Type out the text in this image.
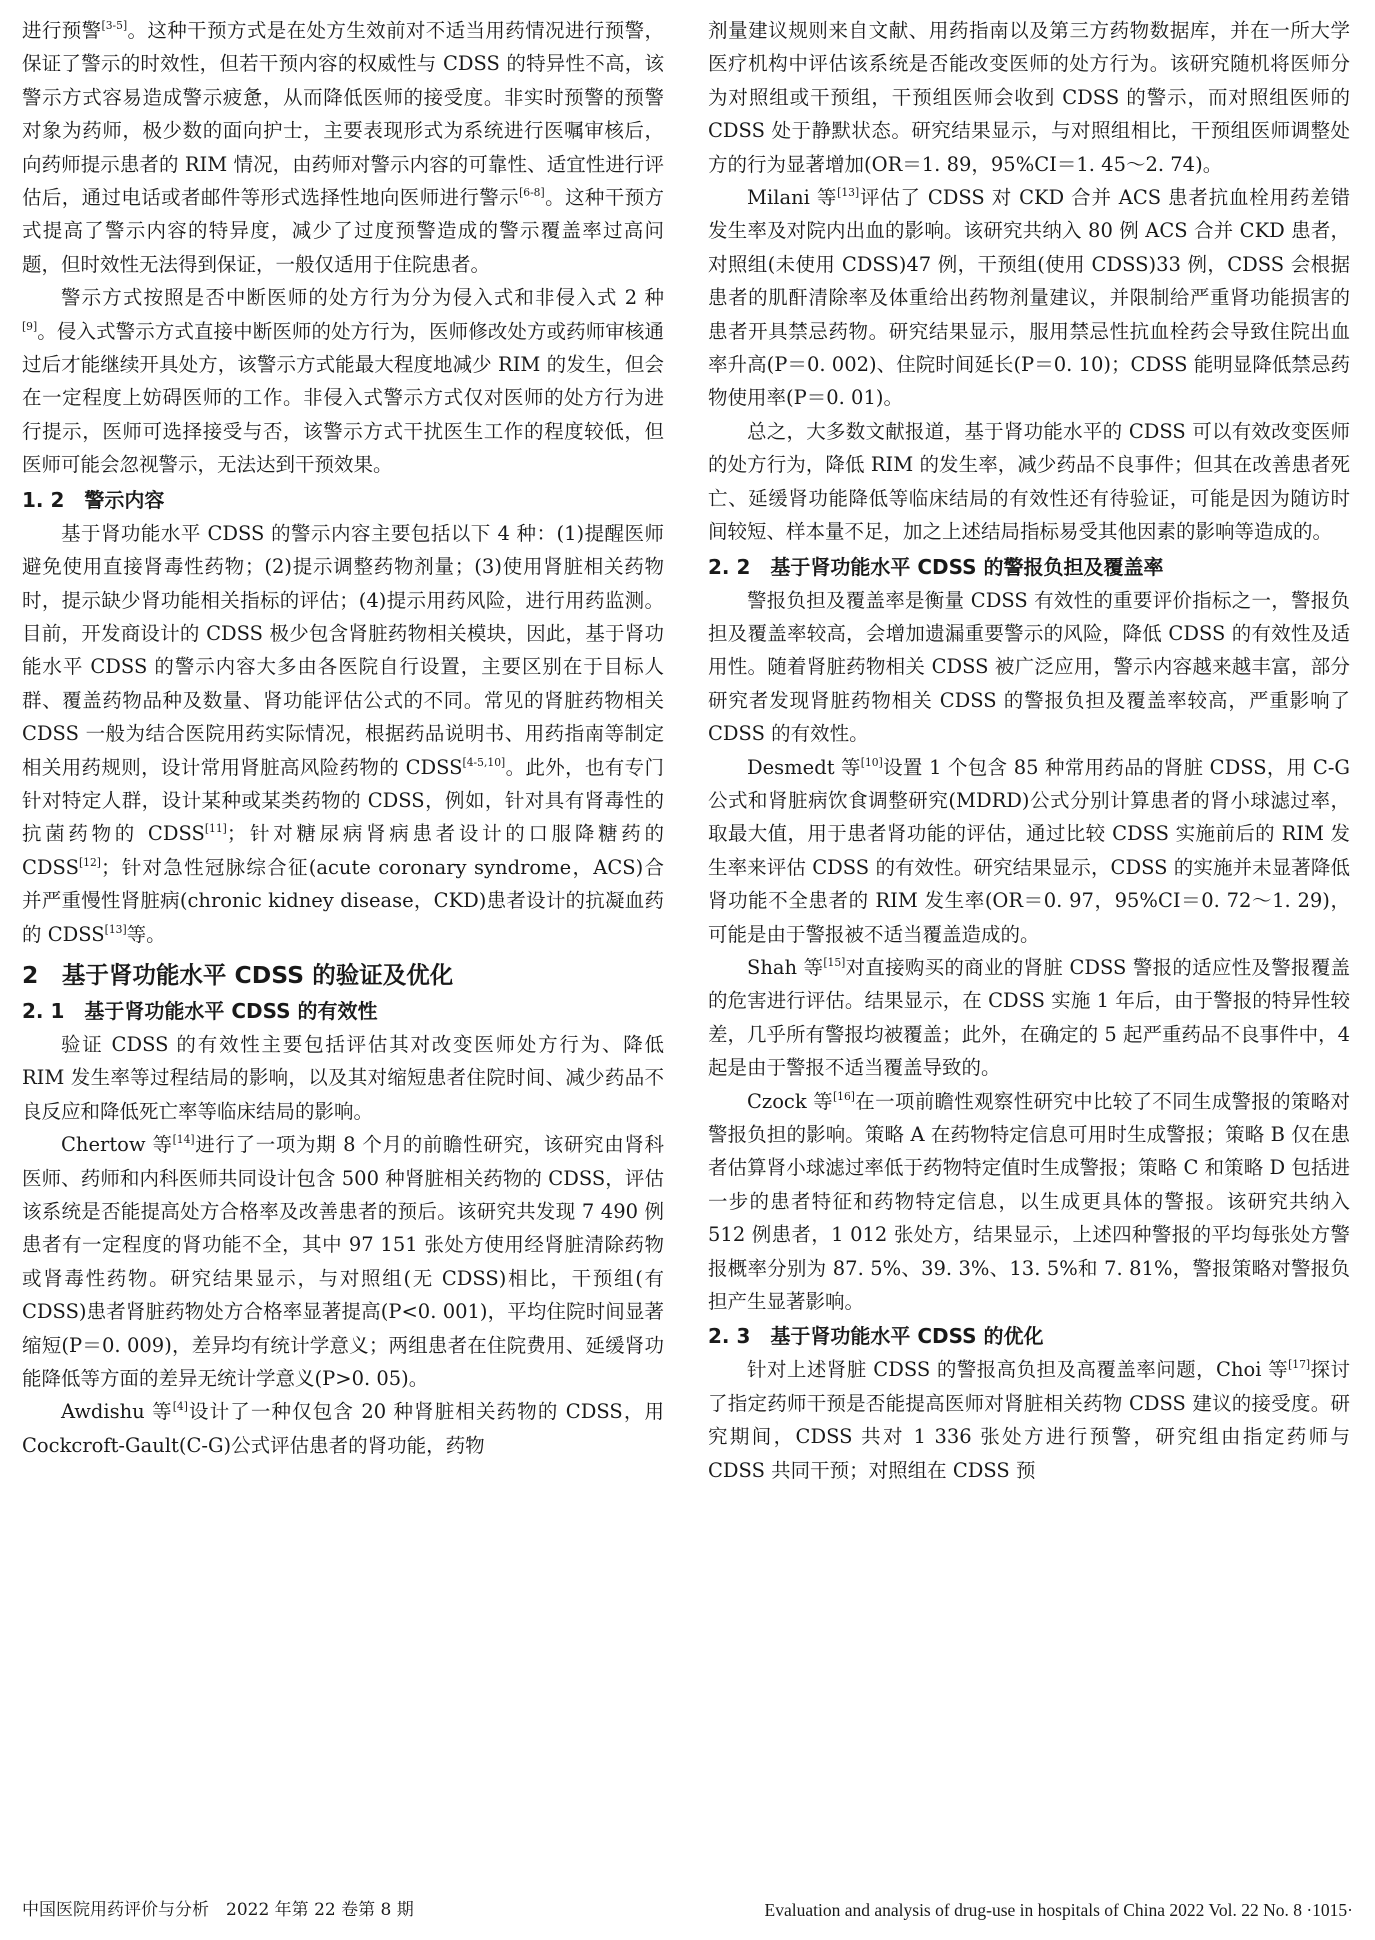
进行预警[3-5]。这种干预方式是在处方生效前对不适当用药情况进行预警，保证了警示的时效性，但若干预内容的权威性与 CDSS 的特异性不高，该警示方式容易造成警示疲惫，从而降低医师的接受度。非实时预警的预警对象为药师，极少数的面向护士，主要表现形式为系统进行医嘱审核后，向药师提示患者的 RIM 情况，由药师对警示内容的可靠性、适宜性进行评估后，通过电话或者邮件等形式选择性地向医师进行警示[6-8]。这种干预方式提高了警示内容的特异度，减少了过度预警造成的警示覆盖率过高问题，但时效性无法得到保证，一般仅适用于住院患者。

警示方式按照是否中断医师的处方行为分为侵入式和非侵入式 2 种[9]。侵入式警示方式直接中断医师的处方行为，医师修改处方或药师审核通过后才能继续开具处方，该警示方式能最大程度地减少 RIM 的发生，但会在一定程度上妨碍医师的工作。非侵入式警示方式仅对医师的处方行为进行提示，医师可选择接受与否，该警示方式干扰医生工作的程度较低，但医师可能会忽视警示，无法达到干预效果。

1. 2　警示内容

基于肾功能水平 CDSS 的警示内容主要包括以下 4 种：(1)提醒医师避免使用直接肾毒性药物；(2)提示调整药物剂量；(3)使用肾脏相关药物时，提示缺少肾功能相关指标的评估；(4)提示用药风险，进行用药监测。目前，开发商设计的 CDSS 极少包含肾脏药物相关模块，因此，基于肾功能水平 CDSS 的警示内容大多由各医院自行设置，主要区别在于目标人群、覆盖药物品种及数量、肾功能评估公式的不同。常见的肾脏药物相关 CDSS 一般为结合医院用药实际情况，根据药品说明书、用药指南等制定相关用药规则，设计常用肾脏高风险药物的 CDSS[4-5,10]。此外，也有专门针对特定人群，设计某种或某类药物的 CDSS，例如，针对具有肾毒性的抗菌药物的 CDSS[11]；针对糖尿病肾病患者设计的口服降糖药的 CDSS[12]；针对急性冠脉综合征(acute coronary syndrome，ACS)合并严重慢性肾脏病(chronic kidney disease，CKD)患者设计的抗凝血药的 CDSS[13]等。

2　基于肾功能水平 CDSS 的验证及优化
2. 1　基于肾功能水平 CDSS 的有效性

验证 CDSS 的有效性主要包括评估其对改变医师处方行为、降低 RIM 发生率等过程结局的影响，以及其对缩短患者住院时间、减少药品不良反应和降低死亡率等临床结局的影响。

Chertow 等[14]进行了一项为期 8 个月的前瞻性研究，该研究由肾科医师、药师和内科医师共同设计包含 500 种肾脏相关药物的 CDSS，评估该系统是否能提高处方合格率及改善患者的预后。该研究共发现 7 490 例患者有一定程度的肾功能不全，其中 97 151 张处方使用经肾脏清除药物或肾毒性药物。研究结果显示，与对照组(无 CDSS)相比，干预组(有 CDSS)患者肾脏药物处方合格率显著提高(P<0. 001)，平均住院时间显著缩短(P＝0. 009)，差异均有统计学意义；两组患者在住院费用、延缓肾功能降低等方面的差异无统计学意义(P>0. 05)。

Awdishu 等[4]设计了一种仅包含 20 种肾脏相关药物的 CDSS，用 Cockcroft-Gault(C-G)公式评估患者的肾功能，药物

剂量建议规则来自文献、用药指南以及第三方药物数据库，并在一所大学医疗机构中评估该系统是否能改变医师的处方行为。该研究随机将医师分为对照组或干预组，干预组医师会收到 CDSS 的警示，而对照组医师的 CDSS 处于静默状态。研究结果显示，与对照组相比，干预组医师调整处方的行为显著增加(OR＝1. 89，95%CI＝1. 45～2. 74)。

Milani 等[13]评估了 CDSS 对 CKD 合并 ACS 患者抗血栓用药差错发生率及对院内出血的影响。该研究共纳入 80 例 ACS 合并 CKD 患者，对照组(未使用 CDSS)47 例，干预组(使用 CDSS)33 例，CDSS 会根据患者的肌酐清除率及体重给出药物剂量建议，并限制给严重肾功能损害的患者开具禁忌药物。研究结果显示，服用禁忌性抗血栓药会导致住院出血率升高(P＝0. 002)、住院时间延长(P＝0. 10)；CDSS 能明显降低禁忌药物使用率(P＝0. 01)。

总之，大多数文献报道，基于肾功能水平的 CDSS 可以有效改变医师的处方行为，降低 RIM 的发生率，减少药品不良事件；但其在改善患者死亡、延缓肾功能降低等临床结局的有效性还有待验证，可能是因为随访时间较短、样本量不足，加之上述结局指标易受其他因素的影响等造成的。

2. 2　基于肾功能水平 CDSS 的警报负担及覆盖率

警报负担及覆盖率是衡量 CDSS 有效性的重要评价指标之一，警报负担及覆盖率较高，会增加遗漏重要警示的风险，降低 CDSS 的有效性及适用性。随着肾脏药物相关 CDSS 被广泛应用，警示内容越来越丰富，部分研究者发现肾脏药物相关 CDSS 的警报负担及覆盖率较高，严重影响了 CDSS 的有效性。

Desmedt 等[10]设置 1 个包含 85 种常用药品的肾脏 CDSS，用 C-G 公式和肾脏病饮食调整研究(MDRD)公式分别计算患者的肾小球滤过率，取最大值，用于患者肾功能的评估，通过比较 CDSS 实施前后的 RIM 发生率来评估 CDSS 的有效性。研究结果显示，CDSS 的实施并未显著降低肾功能不全患者的 RIM 发生率(OR＝0. 97，95%CI＝0. 72～1. 29)，可能是由于警报被不适当覆盖造成的。

Shah 等[15]对直接购买的商业的肾脏 CDSS 警报的适应性及警报覆盖的危害进行评估。结果显示，在 CDSS 实施 1 年后，由于警报的特异性较差，几乎所有警报均被覆盖；此外，在确定的 5 起严重药品不良事件中，4 起是由于警报不适当覆盖导致的。

Czock 等[16]在一项前瞻性观察性研究中比较了不同生成警报的策略对警报负担的影响。策略 A 在药物特定信息可用时生成警报；策略 B 仅在患者估算肾小球滤过率低于药物特定值时生成警报；策略 C 和策略 D 包括进一步的患者特征和药物特定信息，以生成更具体的警报。该研究共纳入 512 例患者，1 012 张处方，结果显示，上述四种警报的平均每张处方警报概率分别为 87. 5%、39. 3%、13. 5%和 7. 81%，警报策略对警报负担产生显著影响。

2. 3　基于肾功能水平 CDSS 的优化

针对上述肾脏 CDSS 的警报高负担及高覆盖率问题，Choi 等[17]探讨了指定药师干预是否能提高医师对肾脏相关药物 CDSS 建议的接受度。研究期间，CDSS 共对 1 336 张处方进行预警，研究组由指定药师与 CDSS 共同干预；对照组在 CDSS 预

中国医院用药评价与分析　2022 年第 22 卷第 8 期	Evaluation and analysis of drug-use in hospitals of China 2022 Vol. 22 No. 8 ·1015·
